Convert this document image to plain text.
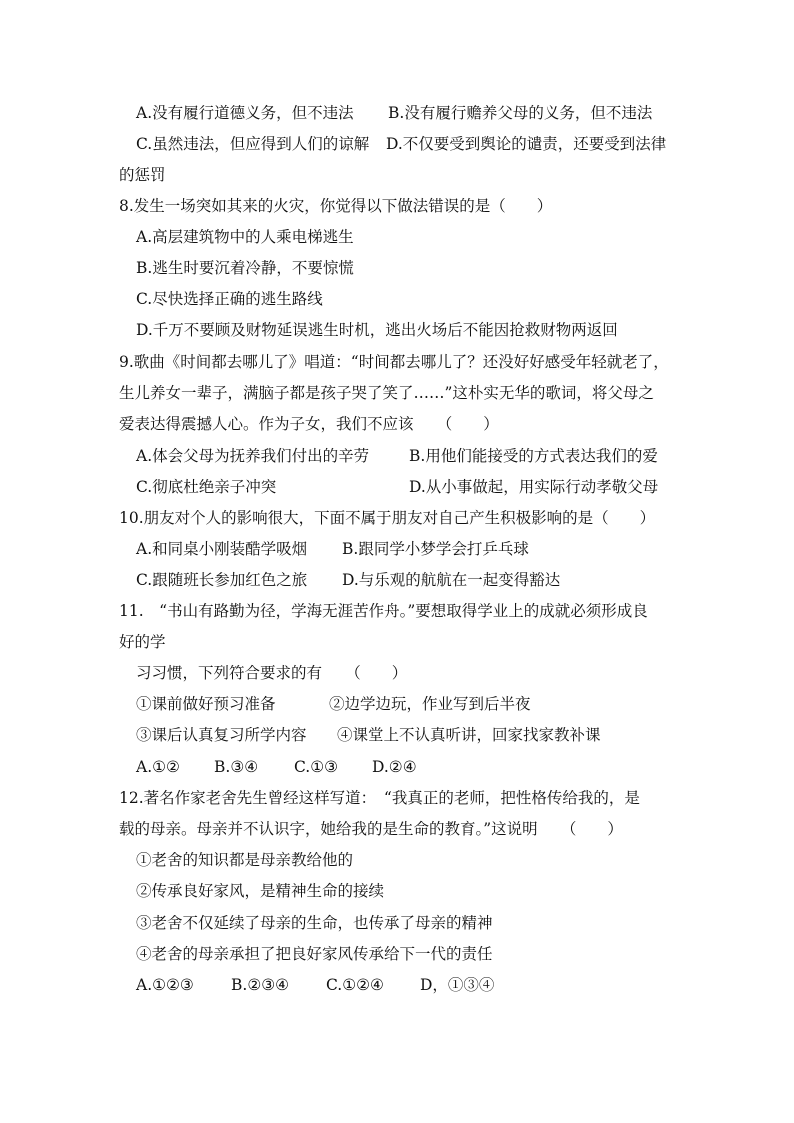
A.没有履行道德义务，但不违法 B.没有履行赡养父母的义务，但不违法
C.虽然违法，但应得到人们的谅解 D.不仅要受到舆论的谴责，还要受到法律
的惩罚
8.发生一场突如其来的火灾，你觉得以下做法错误的是（　　）
A.高层建筑物中的人乘电梯逃生
B.逃生时要沉着冷静，不要惊慌
C.尽快选择正确的逃生路线
D.千万不要顾及财物延误逃生时机，逃出火场后不能因抢救财物两返回
9.歌曲《时间都去哪儿了》唱道：“时间都去哪儿了？还没好好感受年轻就老了，
生儿养女一辈子，满脑子都是孩子哭了笑了……”这朴实无华的歌词，将父母之
爱表达得震撼人心。作为子女，我们不应该　　（　　）
A.体会父母为抚养我们付出的辛劳	B.用他们能接受的方式表达我们的爱
C.彻底杜绝亲子冲突	D.从小事做起，用实际行动孝敬父母
10.朋友对个人的影响很大，下面不属于朋友对自己产生积极影响的是（　　）
A.和同桌小刚装酷学吸烟 B.跟同学小梦学会打乒乓球
C.跟随班长参加红色之旅 D.与乐观的航航在一起变得豁达
11.　“书山有路勤为径，学海无涯苦作舟。”要想取得学业上的成就必须形成良
好的学
习习惯，下列符合要求的有　　（　　）
①课前做好预习准备	②边学边玩，作业写到后半夜
③课后认真复习所学内容 ④课堂上不认真听讲，回家找家教补课
A.①② B.③④ C.①③ D.②④
12.著名作家老舍先生曾经这样写道：　“我真正的老师，把性格传给我的，是
载的母亲。母亲并不认识字，她给我的是生命的教育。”这说明　　（　　）
①老舍的知识都是母亲教给他的
②传承良好家风，是精神生命的接续
③老舍不仅延续了母亲的生命，也传承了母亲的精神
④老舍的母亲承担了把良好家风传承给下一代的责任
A.①②③ B.②③④ C.①②④ D，①③④
